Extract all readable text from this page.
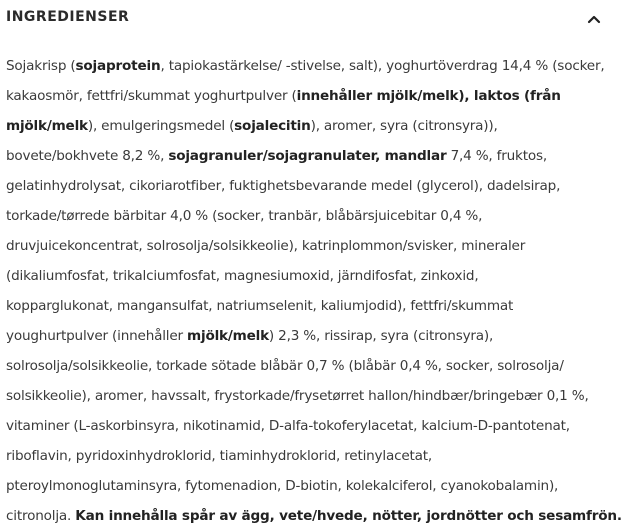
INGREDIENSER
Sojakrisp (sojaprotein, tapiokastärkelse/ -stivelse, salt), yoghurtöverdrag 14,4 % (socker,
kakaosmör, fettfri/skummat yoghurtpulver (innehåller mjölk/melk), laktos (från
mjölk/melk), emulgeringsmedel (sojalecitin), aromer, syra (citronsyra)),
bovete/bokhvete 8,2 %, sojagranuler/sojagranulater, mandlar 7,4 %, fruktos,
gelatinhydrolysat, cikoriarotfiber, fuktighetsbevarande medel (glycerol), dadelsirap,
torkade/tørrede bärbitar 4,0 % (socker, tranbär, blåbärsjuicebitar 0,4 %,
druvjuicekoncentrat, solrosolja/solsikkeolie), katrinplommon/svisker, mineraler
(dikaliumfosfat, trikalciumfosfat, magnesiumoxid, järndifosfat, zinkoxid,
kopparglukonat, mangansulfat, natriumselenit, kaliumjodid), fettfri/skummat
youghurtpulver (innehåller mjölk/melk) 2,3 %, rissirap, syra (citronsyra),
solrosolja/solsikkeolie, torkade sötade blåbär 0,7 % (blåbär 0,4 %, socker, solrosolja/
solsikkeolie), aromer, havssalt, frystorkade/frysetørret hallon/hindbær/bringebær 0,1 %,
vitaminer (L-askorbinsyra, nikotinamid, D-alfa-tokoferylacetat, kalcium-D-pantotenat,
riboflavin, pyridoxinhydroklorid, tiaminhydroklorid, retinylacetat,
pteroylmonoglutaminsyra, fytomenadion, D-biotin, kolekalciferol, cyanokobalamin),
citronolja. Kan innehålla spår av ägg, vete/hvede, nötter, jordnötter och sesamfrön.
